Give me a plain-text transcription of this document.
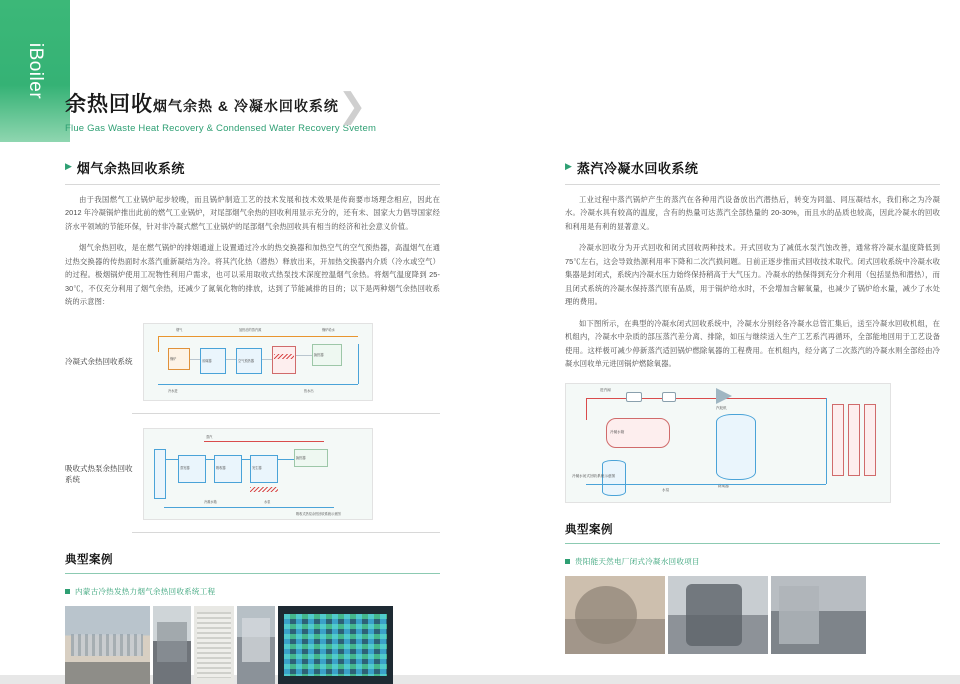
iBoiler
余热回收烟气余热 & 冷凝水回收系统
Flue Gas Waste Heat Recovery & Condensed Water Recovery Svetem
❯
▶ 烟气余热回收系统
由于我国燃气工业锅炉起步较晚，而且锅炉制造工艺的技术发展和技术效果是传商要市场理念相应，因此在 2012 年冷凝锅炉推出此前的燃气工业锅炉，对尾部烟气余热的回收利用显示充分的，还有未、国家大力倡导国家经济水平领域的节能环保，针对非冷凝式燃气工业锅炉的尾部烟气余热回收具有相当的经济和社会意义价值。
烟气余热回收，是在燃气锅炉的排烟通道上设置通过冷水的热交换器和加热空气的空气预热器，高温烟气在通过热交换器的传热面时水蒸汽重新凝结为冷。将其汽化热（潜热）释放出来，开加热交换器内介质（冷水或空气）的过程。极烟锅炉使用工况物性利用户需求，也可以采用取收式热泵技术深度控温烟气余热。将烟气温度降到 25-30℃，不仅充分利用了烟气余热，还减少了氮氧化物的排放，达到了节能减排的目的；以下是两种烟气余热回收系统的示意图：
冷凝式余热回收系统
烟气	加热后的蒸汽源	锅炉给水
锅炉	省煤器	空气预热器
换热器
冷水进	热水出
吸收式热泵余热回收系统
蒸发器	吸收器	发生器
换热器
蒸汽
冷凝水箱	水泵
吸收式热泵余热回收系统示意图
典型案例
内蒙古冷热发热力烟气余热回收系统工程
▶ 蒸汽冷凝水回收系统
工业过程中蒸汽锅炉产生的蒸汽在各种用汽设备放出汽潜热后，转变为同温、同压凝结水，我们称之为冷凝水。冷凝水具有较高的温度，含有的热量可达蒸汽全部热量的 20-30%，而且水的品质也较高，因此冷凝水的回收和利用是有利的显著意义。
冷凝水回收分为开式回收和闭式回收两种技术。开式回收为了减低水泵汽蚀改善，通常将冷凝水温度降低到 75℃左右，这会导致热源利用率下降和二次汽损问题。日前正逐步推而式回收技术取代。闭式回收系统中冷凝水收集器是封闭式，系统内冷凝水压力始终保持稍高于大气压力。冷凝水的热保得到充分介利用（包括显热和潜热），而且闭式系统的冷凝水保持蒸汽原有品质，用于锅炉给水时，不会增加含解氧量，也减少了锅炉给水量，减少了水处理的费用。
如下图所示，在典型的冷凝水闭式回收系统中，冷凝水分别经各冷凝水总管汇集后，送至冷凝水回收机组，在机组内，冷凝水中杂质的部压蒸汽差分离、排除，如压与继续送入生产工艺系汽再循环，全部能地回用于工艺设备使用。这样极可减少停新蒸汽适回锅炉燃除氧器的工程费用。在机组内，经分离了二次蒸汽的冷凝水则全部经由冷凝水回收单元进回锅炉燃除氧器。
进汽阀
汽轮机
冷凝水箱
除氧器
水泵
冷凝水闭式回收系统示意图
典型案例
贵阳能天然电厂闭式冷凝水回收项目
